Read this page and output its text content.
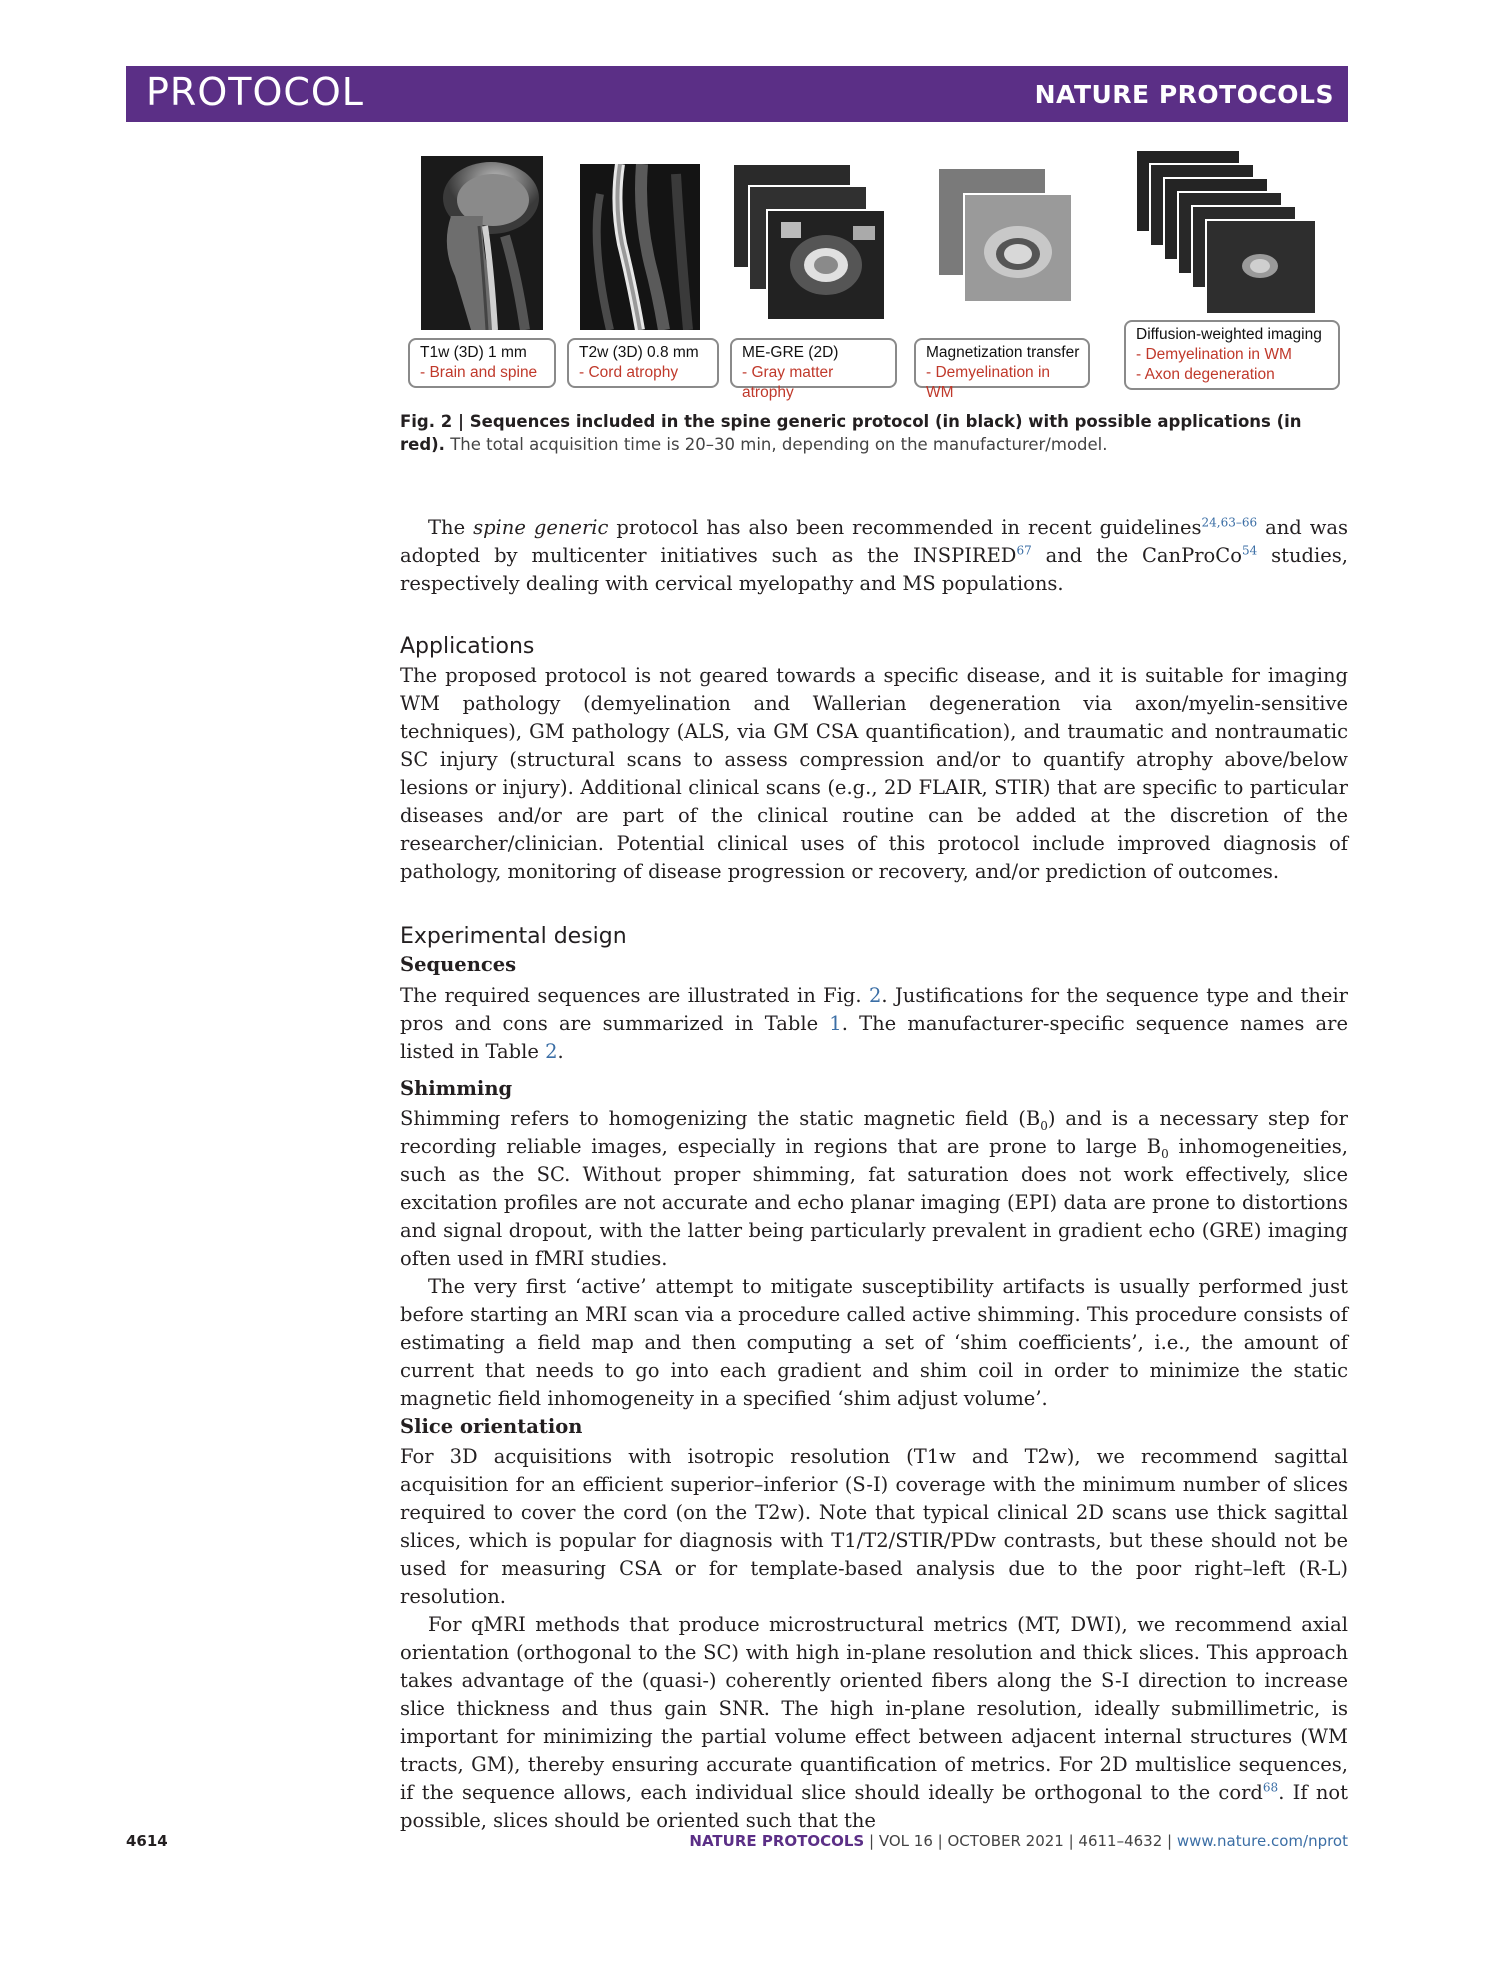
PROTOCOL	NATURE PROTOCOLS
T1w (3D) 1 mm
- Brain and spine
T2w (3D) 0.8 mm
- Cord atrophy
ME-GRE (2D)
- Gray matter atrophy
Magnetization transfer
- Demyelination in WM
Diffusion-weighted imaging
- Demyelination in WM
- Axon degeneration
Fig. 2 | Sequences included in the spine generic protocol (in black) with possible applications (in red). The total acquisition time is 20–30 min, depending on the manufacturer/model.

The spine generic protocol has also been recommended in recent guidelines$^{24,63-66}$ and was adopted by multicenter initiatives such as the INSPIRED$^{67}$ and the CanProCo$^{54}$ studies, respectively dealing with cervical myelopathy and MS populations.

Applications

The proposed protocol is not geared towards a specific disease, and it is suitable for imaging WM pathology (demyelination and Wallerian degeneration via axon/myelin-sensitive techniques), GM pathology (ALS, via GM CSA quantification), and traumatic and nontraumatic SC injury (structural scans to assess compression and/or to quantify atrophy above/below lesions or injury). Additional clinical scans (e.g., 2D FLAIR, STIR) that are specific to particular diseases and/or are part of the clinical routine can be added at the discretion of the researcher/clinician. Potential clinical uses of this protocol include improved diagnosis of pathology, monitoring of disease progression or recovery, and/or prediction of outcomes.

Experimental design
Sequences

The required sequences are illustrated in Fig. 2. Justifications for the sequence type and their pros and cons are summarized in Table 1. The manufacturer-specific sequence names are listed in Table 2.

Shimming

Shimming refers to homogenizing the static magnetic field $(B_0)$ and is a necessary step for recording reliable images, especially in regions that are prone to large $B_0$ inhomogeneities, such as the SC. Without proper shimming, fat saturation does not work effectively, slice excitation profiles are not accurate and echo planar imaging (EPI) data are prone to distortions and signal dropout, with the latter being particularly prevalent in gradient echo (GRE) imaging often used in fMRI studies.

The very first ‘active’ attempt to mitigate susceptibility artifacts is usually performed just before starting an MRI scan via a procedure called active shimming. This procedure consists of estimating a field map and then computing a set of ‘shim coefficients’, i.e., the amount of current that needs to go into each gradient and shim coil in order to minimize the static magnetic field inhomogeneity in a specified ‘shim adjust volume’.

Slice orientation

For 3D acquisitions with isotropic resolution (T1w and T2w), we recommend sagittal acquisition for an efficient superior–inferior (S-I) coverage with the minimum number of slices required to cover the cord (on the T2w). Note that typical clinical 2D scans use thick sagittal slices, which is popular for diagnosis with T1/T2/STIR/PDw contrasts, but these should not be used for measuring CSA or for template-based analysis due to the poor right–left (R-L) resolution.

For qMRI methods that produce microstructural metrics (MT, DWI), we recommend axial orientation (orthogonal to the SC) with high in-plane resolution and thick slices. This approach takes advantage of the (quasi-) coherently oriented fibers along the S-I direction to increase slice thickness and thus gain SNR. The high in-plane resolution, ideally submillimetric, is important for minimizing the partial volume effect between adjacent internal structures (WM tracts, GM), thereby ensuring accurate quantification of metrics. For 2D multislice sequences, if the sequence allows, each individual slice should ideally be orthogonal to the cord$^{68}$. If not possible, slices should be oriented such that the

4614	NATURE PROTOCOLS | VOL 16 | OCTOBER 2021 | 4611–4632 | www.nature.com/nprot
